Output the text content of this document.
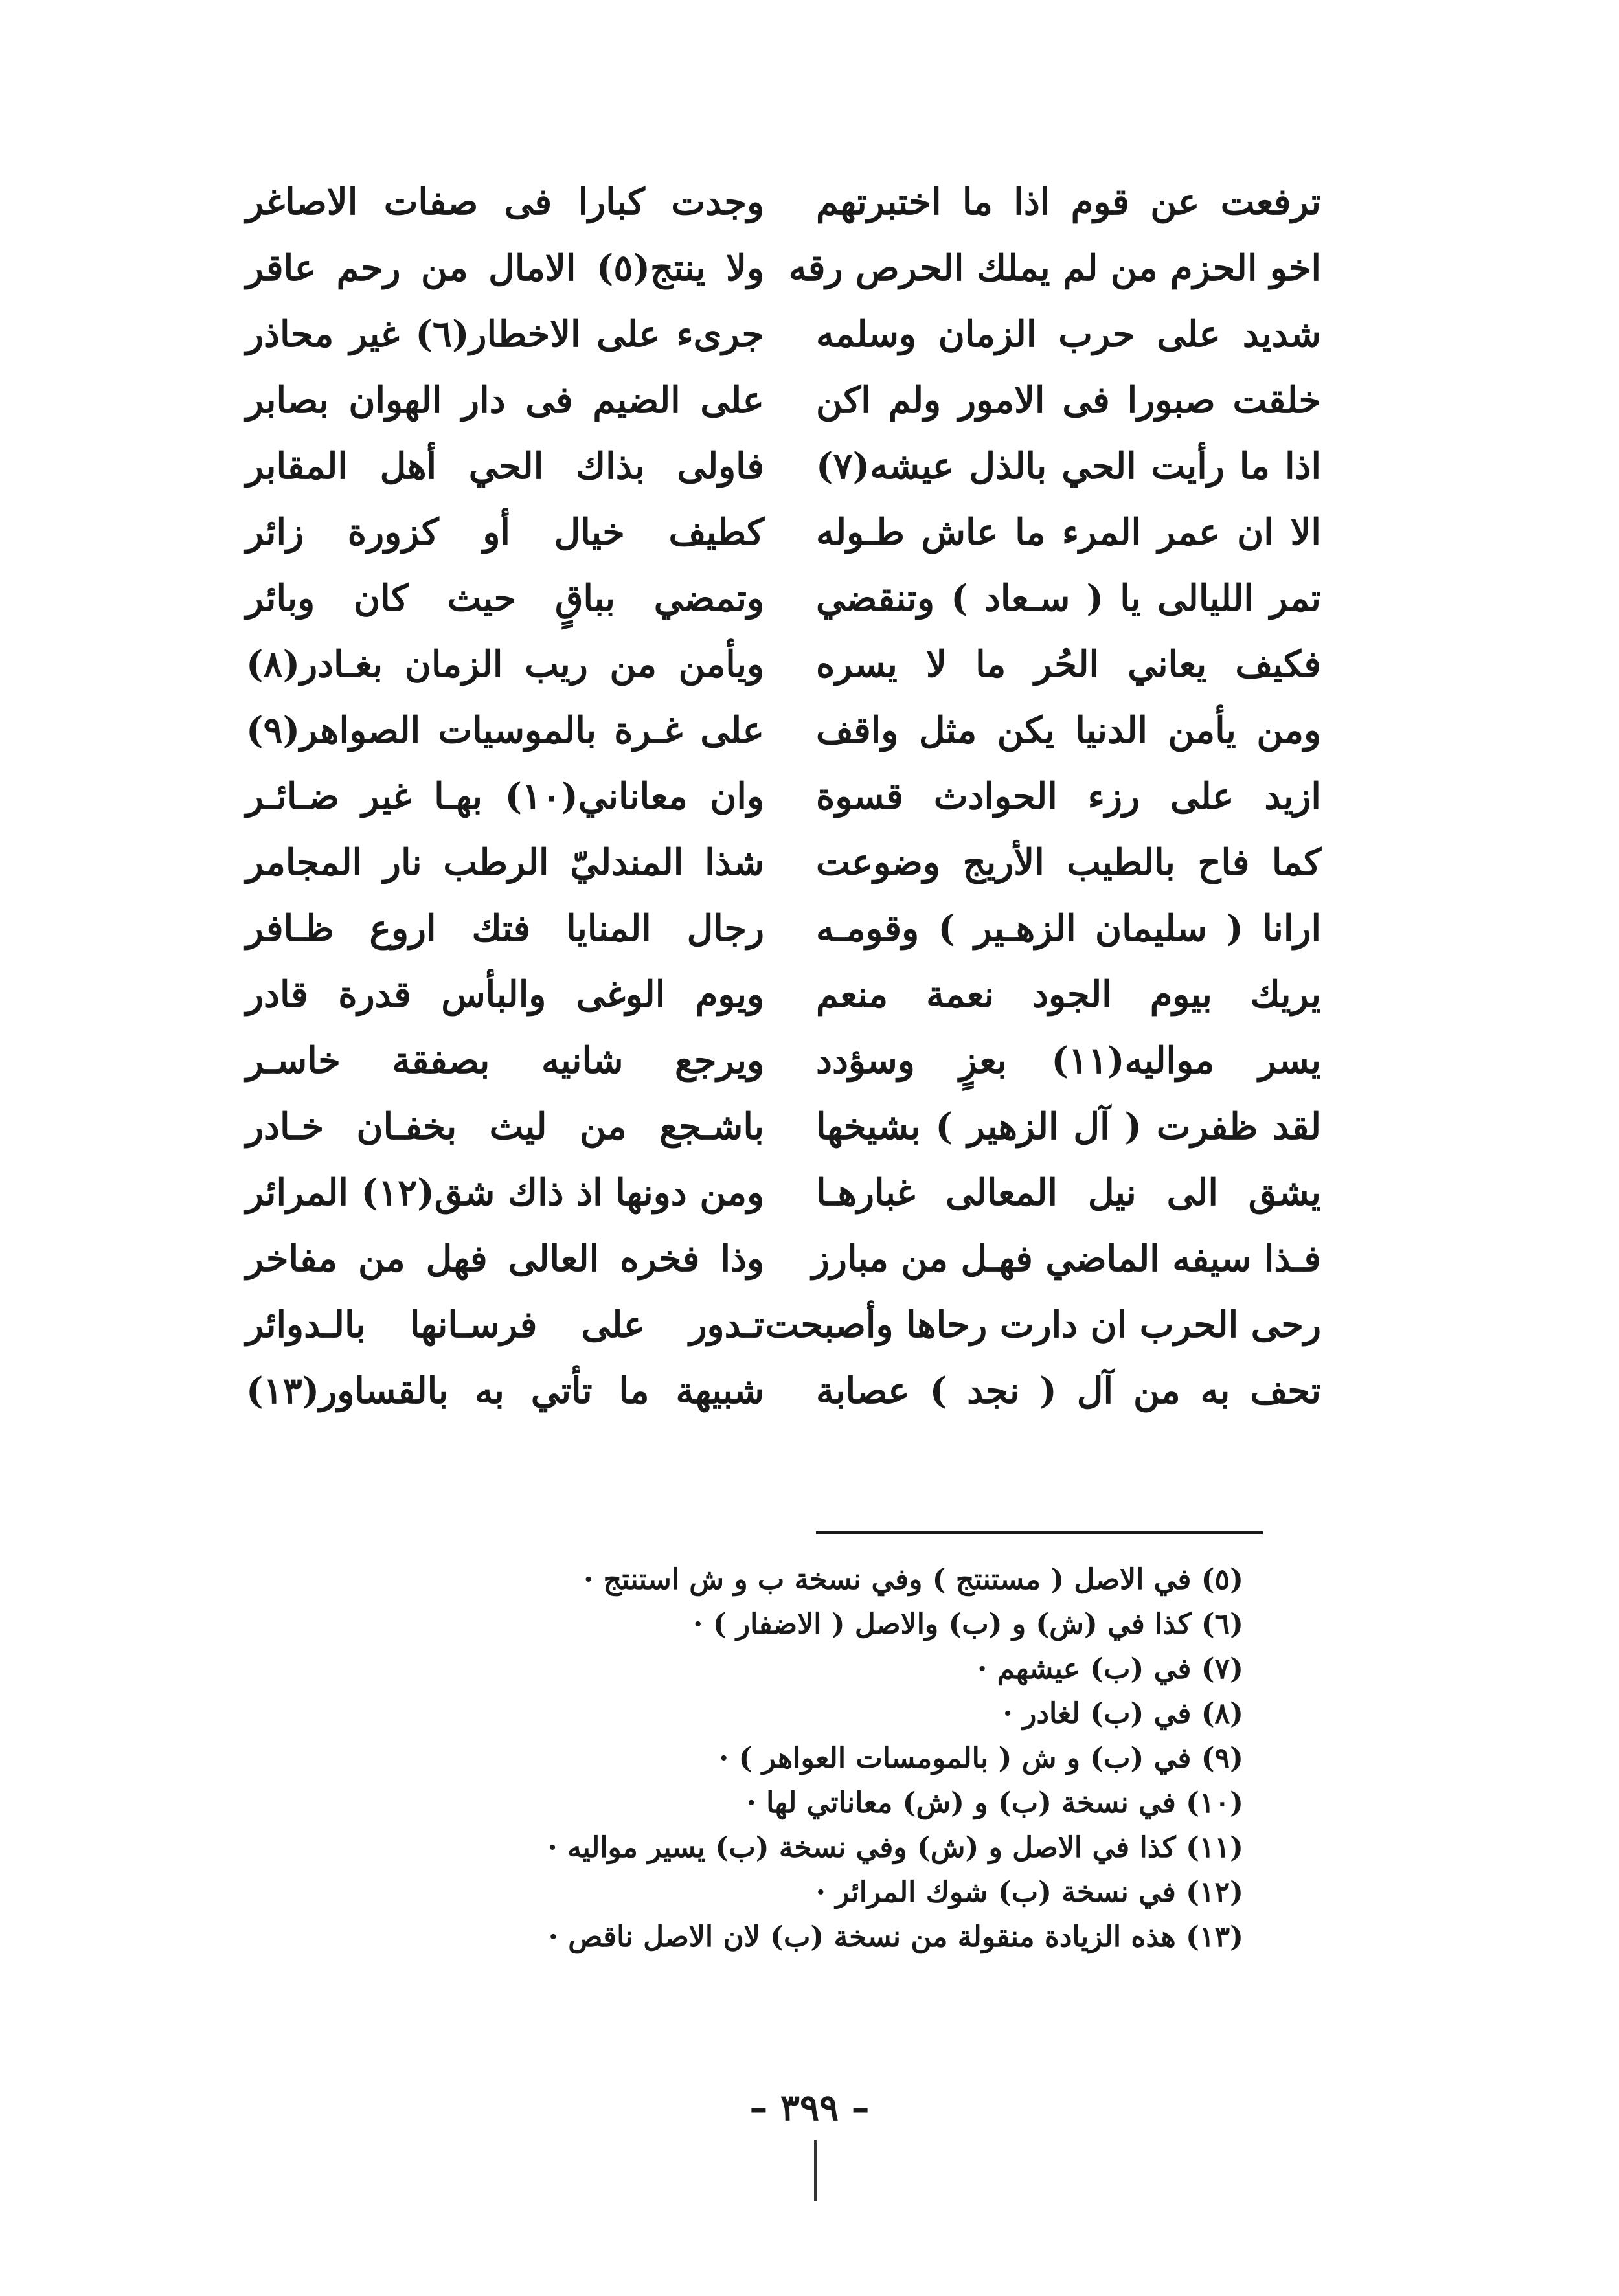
ترفعت عن قوم اذا ما اختبرتهم
اخو الحزم من لم يملك الحرص رقه
شديد على حرب الزمان وسلمه
خلقت صبورا فى الامور ولم اكن
اذا ما رأيت الحي بالذل عيشه(٧)
الا ان عمر المرء ما عاش طـوله
تمر الليالى يا ( سـعاد ) وتنقضي
فكيف يعاني الحُر ما لا يسره
ومن يأمن الدنيا يكن مثل واقف
ازيد على رزء الحوادث قسوة
كما فاح بالطيب الأريج وضوعت
ارانا ( سليمان الزهـير ) وقومـه
يريك بيوم الجود نعمة منعم
يسر مواليه(١١) بعزٍ وسؤدد
لقد ظفرت ( آل الزهير ) بشيخها
يشق الى نيل المعالى غبارهـا
فـذا سيفه الماضي فهـل من مبارز
رحى الحرب ان دارت رحاها وأصبحت
تحف به من آل ( نجد ) عصابة
وجدت كبارا فى صفات الاصاغر
ولا ينتج(٥) الامال من رحم عاقر
جرىء على الاخطار(٦) غير محاذر
على الضيم فى دار الهوان بصابر
فاولى بذاك الحي أهل المقابر
كطيف خيال أو كزورة زائر
وتمضي بباقٍ حيث كان وبائر
ويأمن من ريب الزمان بغـادر(٨)
على غـرة بالموسيات الصواهر(٩)
وان معاناني(١٠) بهـا غير ضـائـر
شذا المندليّ الرطب نار المجامر
رجال المنايا فتك اروع ظـافر
ويوم الوغى والبأس قدرة قادر
ويرجع شانيه بصفقة خاسـر
باشـجع من ليث بخفـان خـادر
ومن دونها اذ ذاك شق(١٢) المرائر
وذا فخره العالى فهل من مفاخر
تـدور على فرسـانها بالـدوائر
شبيهة ما تأتي به بالقساور(١٣)
(٥) في الاصل ( مستنتج ) وفي نسخة ب و ش استنتج ·
(٦) كذا في (ش) و (ب) والاصل ( الاضفار ) ·
(٧) في (ب) عيشهم ·
(٨) في (ب) لغادر ·
(٩) في (ب) و ش ( بالمومسات العواهر ) ·
(١٠) في نسخة (ب) و (ش) معاناتي لها ·
(١١) كذا في الاصل و (ش) وفي نسخة (ب) يسير مواليه ·
(١٢) في نسخة (ب) شوك المرائر ·
(١٣) هذه الزيادة منقولة من نسخة (ب) لان الاصل ناقص ·
– ٣٩٩ –
